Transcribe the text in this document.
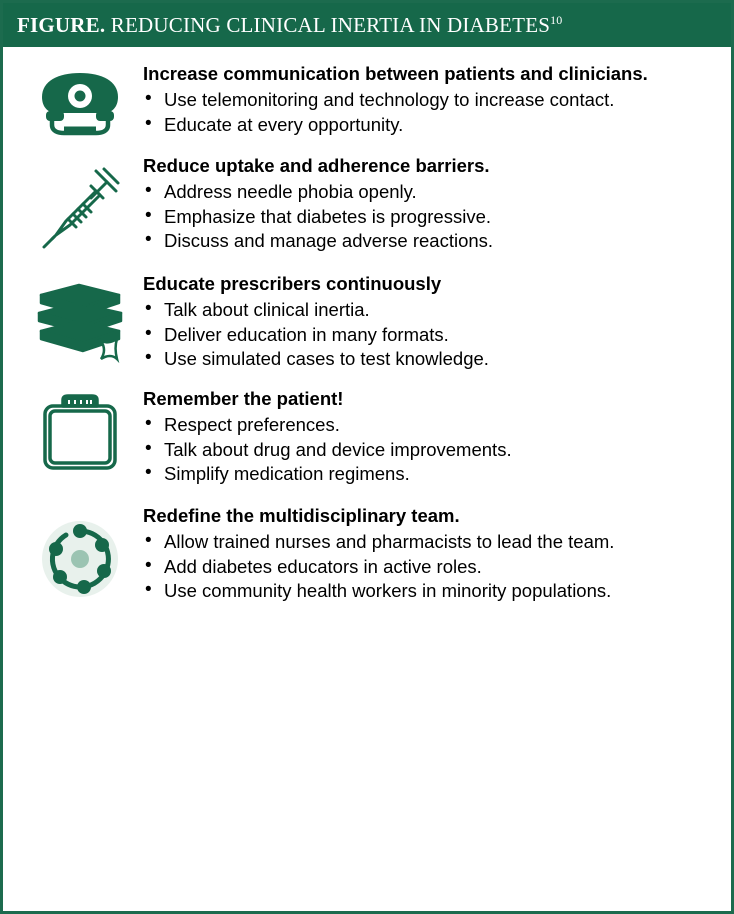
FIGURE. REDUCING CLINICAL INERTIA IN DIABETES$^{10}$

Increase communication between patients and clinicians.

• Use telemonitoring and technology to increase contact.
• Educate at every opportunity.

Reduce uptake and adherence barriers.

• Address needle phobia openly.
• Emphasize that diabetes is progressive.
• Discuss and manage adverse reactions.

Educate prescribers continuously

• Talk about clinical inertia.
• Deliver education in many formats.
• Use simulated cases to test knowledge.

Remember the patient!

• Respect preferences.
• Talk about drug and device improvements.
• Simplify medication regimens.

Redefine the multidisciplinary team.

• Allow trained nurses and pharmacists to lead the team.
• Add diabetes educators in active roles.
• Use community health workers in minority populations.
